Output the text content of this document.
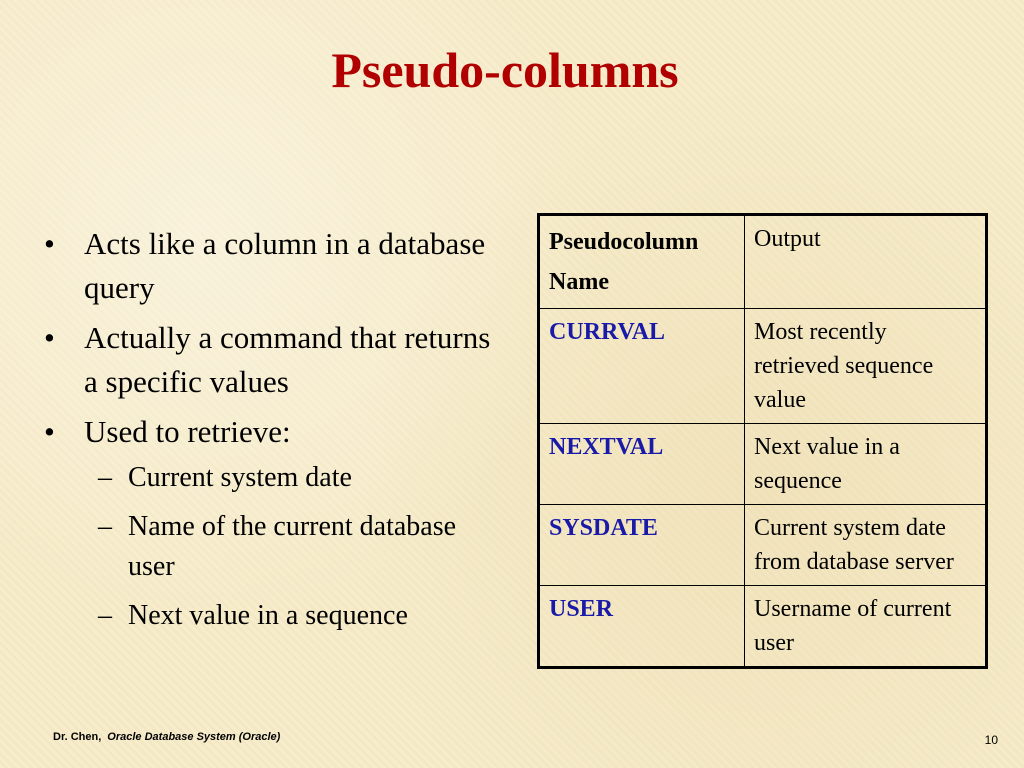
Pseudo-columns
• Acts like a column in a database query
• Actually a command that returns a specific values
• Used to retrieve:
– Current system date
– Name of the current database user
– Next value in a sequence
Pseudocolumn Name	Output
CURRVAL	Most recently retrieved sequence value
NEXTVAL	Next value in a sequence
SYSDATE	Current system date from database server
USER	Username of current user
Dr. Chen, Oracle Database System (Oracle)	10
